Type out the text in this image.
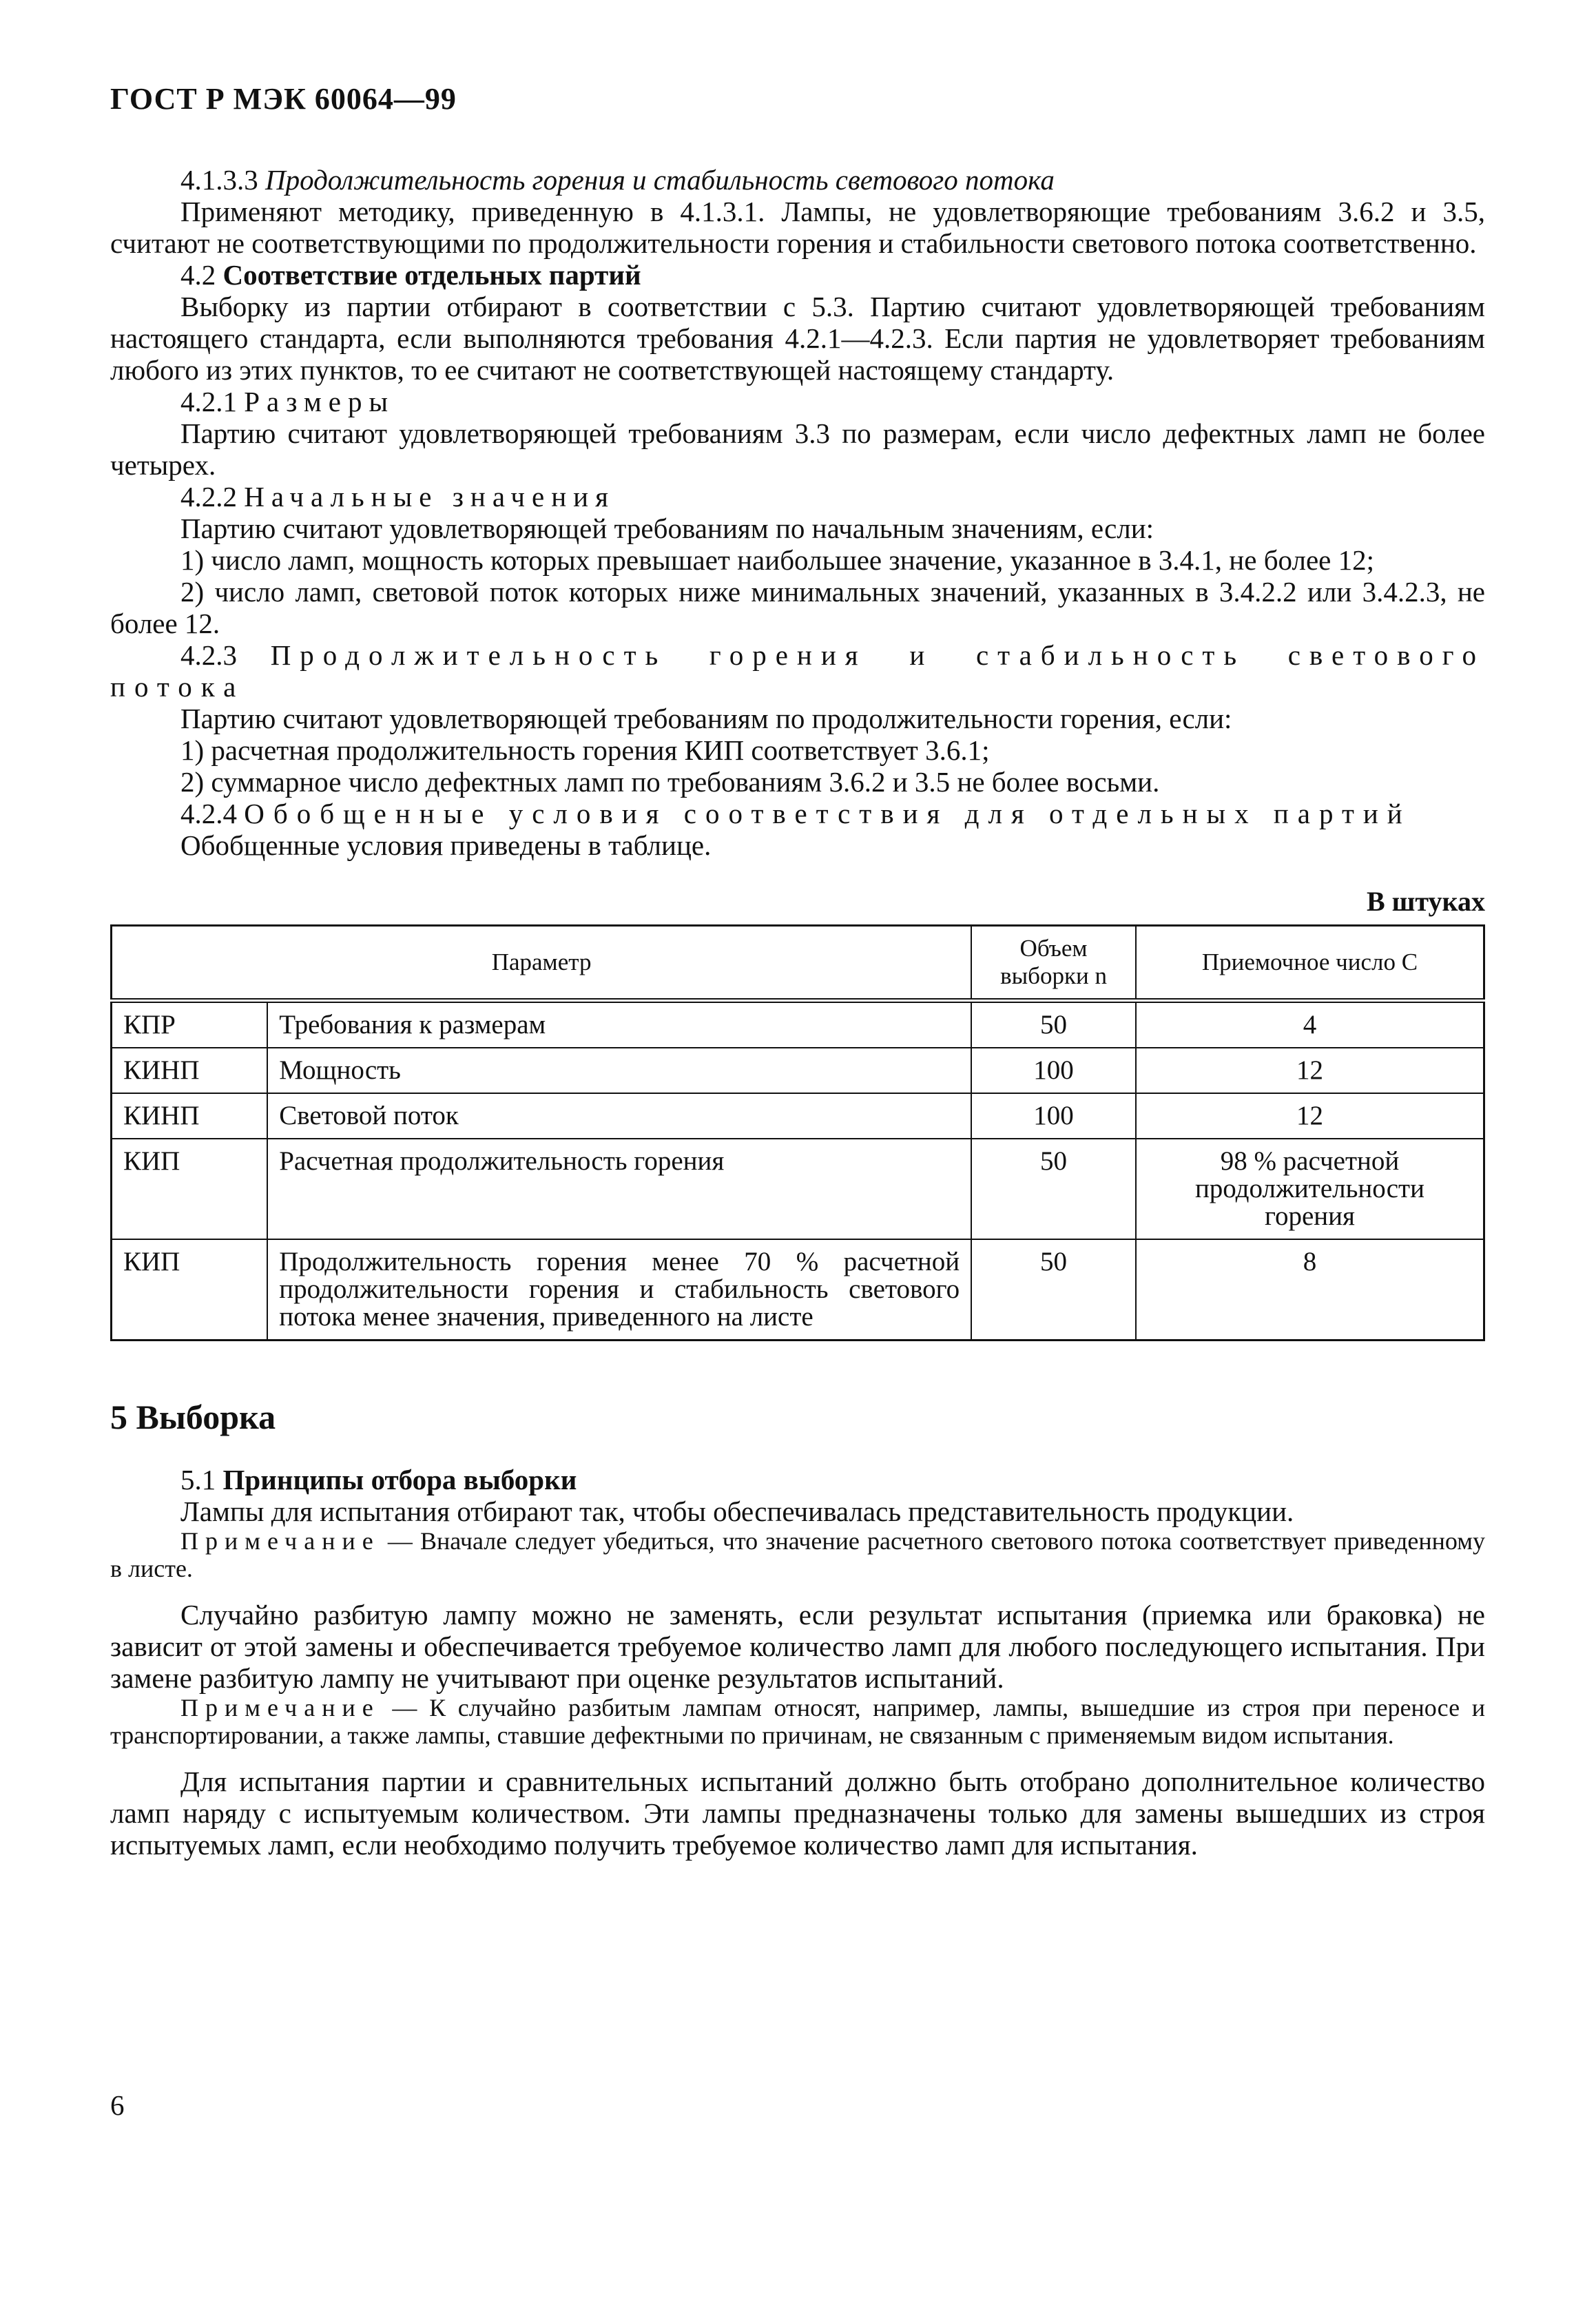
ГОСТ Р МЭК 60064—99

4.1.3.3 Продолжительность горения и стабильность светового потока

Применяют методику, приведенную в 4.1.3.1. Лампы, не удовлетворяющие требованиям 3.6.2 и 3.5, считают не соответствующими по продолжительности горения и стабильности светового потока соответственно.

4.2 Соответствие отдельных партий

Выборку из партии отбирают в соответствии с 5.3. Партию считают удовлетворяющей требованиям настоящего стандарта, если выполняются требования 4.2.1—4.2.3. Если партия не удовлетворяет требованиям любого из этих пунктов, то ее считают не соответствующей настоящему стандарту.

4.2.1 Размеры

Партию считают удовлетворяющей требованиям 3.3 по размерам, если число дефектных ламп не более четырех.

4.2.2 Начальные значения

Партию считают удовлетворяющей требованиям по начальным значениям, если:

1) число ламп, мощность которых превышает наибольшее значение, указанное в 3.4.1, не более 12;

2) число ламп, световой поток которых ниже минимальных значений, указанных в 3.4.2.2 или 3.4.2.3, не более 12.

4.2.3 Продолжительность горения и стабильность светового потока

Партию считают удовлетворяющей требованиям по продолжительности горения, если:

1) расчетная продолжительность горения КИП соответствует 3.6.1;

2) суммарное число дефектных ламп по требованиям 3.6.2 и 3.5 не более восьми.

4.2.4 Обобщенные условия соответствия для отдельных партий

Обобщенные условия приведены в таблице.

В штуках
Параметр		Объем выборки n	Приемочное число C
КПР	Требования к размерам	50	4
КИНП	Мощность	100	12
КИНП	Световой поток	100	12
КИП	Расчетная продолжительность горения	50	98 % расчетной продолжительности горения
КИП	Продолжительность горения менее 70 % расчетной продолжительности горения и стабильность светового потока менее значения, приведенного на листе	50	8
5 Выборка

5.1 Принципы отбора выборки

Лампы для испытания отбирают так, чтобы обеспечивалась представительность продукции.

Примечание — Вначале следует убедиться, что значение расчетного светового потока соответствует приведенному в листе.

Случайно разбитую лампу можно не заменять, если результат испытания (приемка или браковка) не зависит от этой замены и обеспечивается требуемое количество ламп для любого последующего испытания. При замене разбитую лампу не учитывают при оценке результатов испытаний.

Примечание — К случайно разбитым лампам относят, например, лампы, вышедшие из строя при переносе и транспортировании, а также лампы, ставшие дефектными по причинам, не связанным с применяемым видом испытания.

Для испытания партии и сравнительных испытаний должно быть отобрано дополнительное количество ламп наряду с испытуемым количеством. Эти лампы предназначены только для замены вышедших из строя испытуемых ламп, если необходимо получить требуемое количество ламп для испытания.

6
